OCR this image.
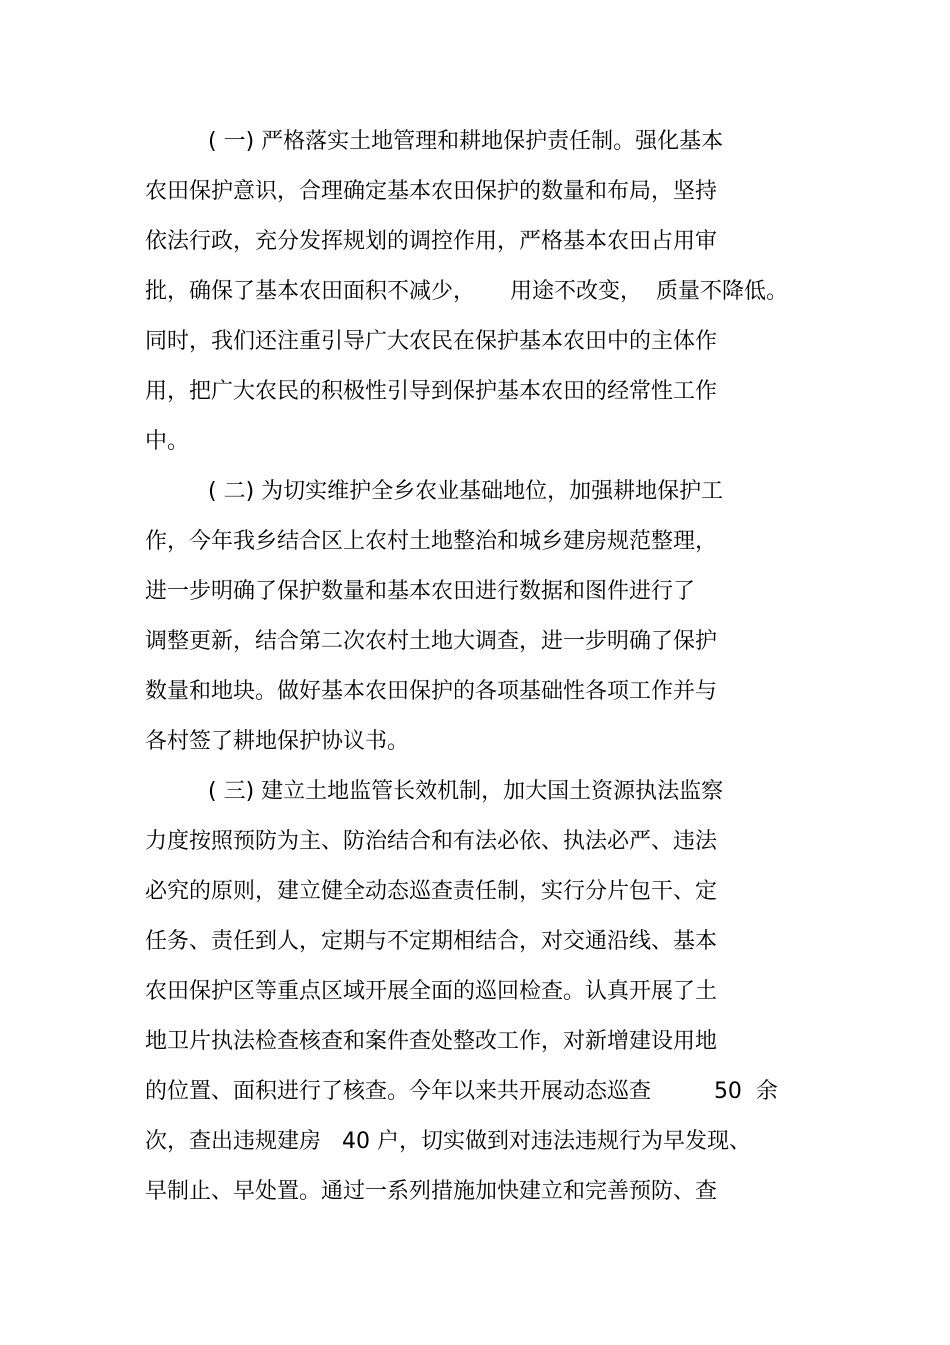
( 一) 严格落实土地管理和耕地保护责任制。强化基本
农田保护意识，合理确定基本农田保护的数量和布局，坚持
依法行政，充分发挥规划的调控作用，严格基本农田占用审
批，确保了基本农田面积不减少，     用途不改变，  质量不降低。
同时，我们还注重引导广大农民在保护基本农田中的主体作
用，把广大农民的积极性引导到保护基本农田的经常性工作
中。
( 二) 为切实维护全乡农业基础地位，加强耕地保护工
作，今年我乡结合区上农村土地整治和城乡建房规范整理，
进一步明确了保护数量和基本农田进行数据和图件进行了
调整更新，结合第二次农村土地大调查，进一步明确了保护
数量和地块。做好基本农田保护的各项基础性各项工作并与
各村签了耕地保护协议书。
( 三) 建立土地监管长效机制，加大国土资源执法监察
力度按照预防为主、防治结合和有法必依、执法必严、违法
必究的原则，建立健全动态巡查责任制，实行分片包干、定
任务、责任到人，定期与不定期相结合，对交通沿线、基本
农田保护区等重点区域开展全面的巡回检查。认真开展了土
地卫片执法检查核查和案件查处整改工作，对新增建设用地
的位置、面积进行了核查。今年以来共开展动态巡查         50  余
次，查出违规建房   40 户，切实做到对违法违规行为早发现、
早制止、早处置。通过一系列措施加快建立和完善预防、查
